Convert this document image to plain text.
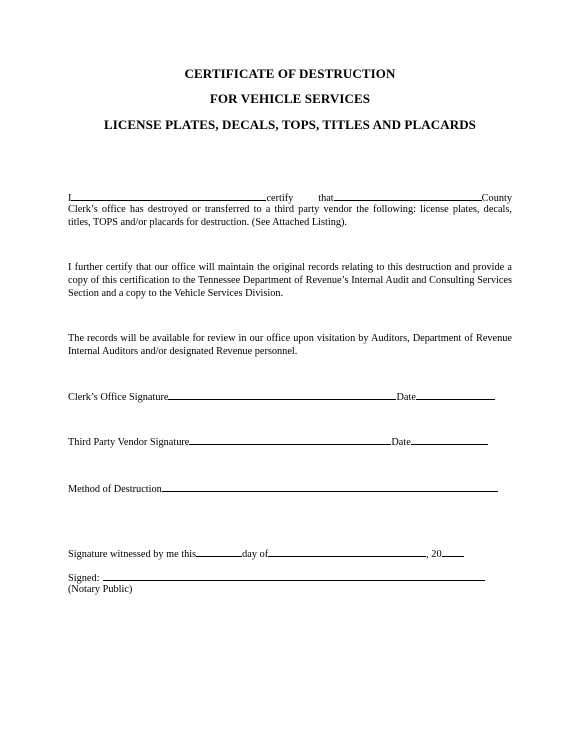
CERTIFICATE OF DESTRUCTION
FOR VEHICLE SERVICES
LICENSE PLATES, DECALS, TOPS, TITLES AND PLACARDS
I	certify that	County
Clerk’s office has destroyed or transferred to a third party vendor the following: license plates, decals, titles, TOPS and/or placards for destruction. (See Attached Listing).
I further certify that our office will maintain the original records relating to this destruction and provide a copy of this certification to the Tennessee Department of Revenue’s Internal Audit and Consulting Services Section and a copy to the Vehicle Services Division.
The records will be available for review in our office upon visitation by Auditors, Department of Revenue Internal Auditors and/or designated Revenue personnel.
Clerk’s Office Signature	Date
Third Party Vendor Signature	Date
Method of Destruction
Signature witnessed by me this	day of	, 20
Signed:
(Notary Public)
